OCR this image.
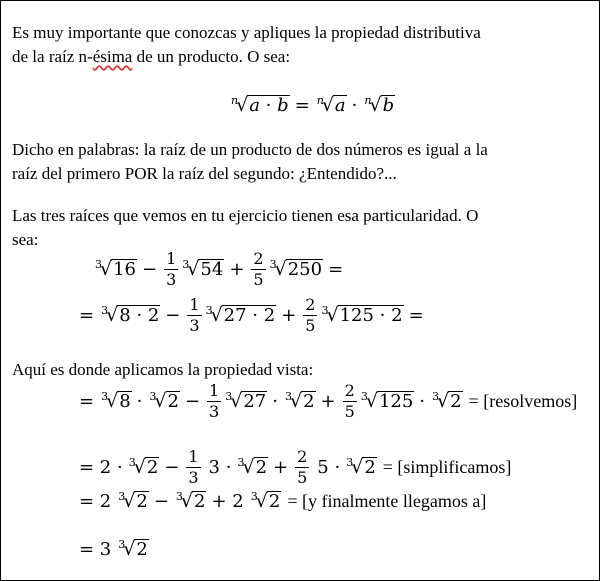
Es muy importante que conozcas y apliques la propiedad distributiva
de la raíz n-ésima de un producto. O sea:
n
√ a · b = n
√ a · n
√ b
Dicho en palabras: la raíz de un producto de dos números es igual a la
raíz del primero POR la raíz del segundo: ¿Entendido?...
Las tres raíces que vemos en tu ejercicio tienen esa particularidad. O
sea:
3
√ $16 - \frac{1}{3} 3$
√ $54 + \frac{2}{5} 3$
√ 250 =
= 3
√ $8 \cdot 2 - \frac{1}{3} 3$
√ $27 \cdot 2 + \frac{2}{5} 3$
√ 125 · 2 =
Aquí es donde aplicamos la propiedad vista:
= 3
√ 8 · 3
√ $2 - \frac{1}{3} 3$
√ 27 · 3
√ $2 + \frac{2}{5} 3$
√ 125 · 3
√ 2 = [resolvemos]
= 2 · 3
√ $2 - \frac{1}{3} 3 \cdot 3$
√ $2 + \frac{2}{5} 5 \cdot 3$
√ 2 = [simplificamos]
= 2 3
√ 2 − 3
√ 2 + 2 3
√ 2 = [y finalmente llegamos a]
= 3 3
√ 2
